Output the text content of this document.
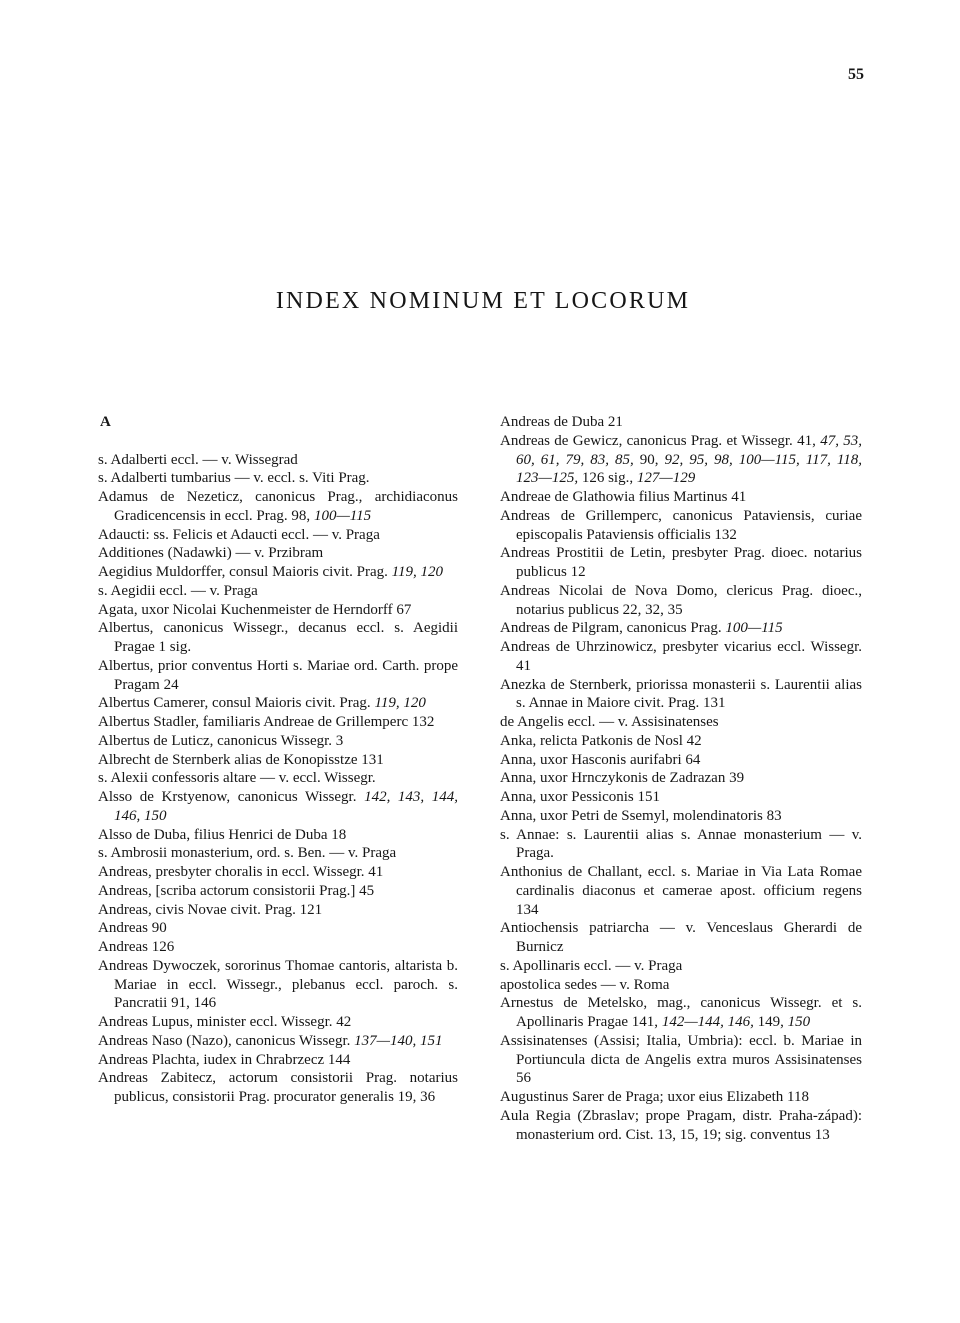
55
INDEX NOMINUM ET LOCORUM
A
s. Adalberti eccl. — v. Wissegrad
s. Adalberti tumbarius — v. eccl. s. Viti Prag.
Adamus de Nezeticz, canonicus Prag., archidiaconus Gradicencensis in eccl. Prag. 98, 100—115
Adaucti: ss. Felicis et Adaucti eccl. — v. Praga
Additiones (Nadawki) — v. Przibram
Aegidius Muldorffer, consul Maioris civit. Prag. 119, 120
s. Aegidii eccl. — v. Praga
Agata, uxor Nicolai Kuchenmeister de Herndorff 67
Albertus, canonicus Wissegr., decanus eccl. s. Aegidii Pragae 1 sig.
Albertus, prior conventus Horti s. Mariae ord. Carth. prope Pragam 24
Albertus Camerer, consul Maioris civit. Prag. 119, 120
Albertus Stadler, familiaris Andreae de Grillemperc 132
Albertus de Luticz, canonicus Wissegr. 3
Albrecht de Sternberk alias de Konopisstze 131
s. Alexii confessoris altare — v. eccl. Wissegr.
Alsso de Krstyenow, canonicus Wissegr. 142, 143, 144, 146, 150
Alsso de Duba, filius Henrici de Duba 18
s. Ambrosii monasterium, ord. s. Ben. — v. Praga
Andreas, presbyter choralis in eccl. Wissegr. 41
Andreas, [scriba actorum consistorii Prag.] 45
Andreas, civis Novae civit. Prag. 121
Andreas 90
Andreas 126
Andreas Dywoczek, sororinus Thomae cantoris, altarista b. Mariae in eccl. Wissegr., plebanus eccl. paroch. s. Pancratii 91, 146
Andreas Lupus, minister eccl. Wissegr. 42
Andreas Naso (Nazo), canonicus Wissegr. 137—140, 151
Andreas Plachta, iudex in Chrabrzecz 144
Andreas Zabitecz, actorum consistorii Prag. notarius publicus, consistorii Prag. procurator generalis 19, 36
Andreas de Duba 21
Andreas de Gewicz, canonicus Prag. et Wissegr. 41, 47, 53, 60, 61, 79, 83, 85, 90, 92, 95, 98, 100—115, 117, 118, 123—125, 126 sig., 127—129
Andreae de Glathowia filius Martinus 41
Andreas de Grillemperc, canonicus Pataviensis, curiae episcopalis Pataviensis officialis 132
Andreas Prostitii de Letin, presbyter Prag. dioec. notarius publicus 12
Andreas Nicolai de Nova Domo, clericus Prag. dioec., notarius publicus 22, 32, 35
Andreas de Pilgram, canonicus Prag. 100—115
Andreas de Uhrzinowicz, presbyter vicarius eccl. Wissegr. 41
Anezka de Sternberk, priorissa monasterii s. Laurentii alias s. Annae in Maiore civit. Prag. 131
de Angelis eccl. — v. Assisinatenses
Anka, relicta Patkonis de Nosl 42
Anna, uxor Hasconis aurifabri 64
Anna, uxor Hrnczykonis de Zadrazan 39
Anna, uxor Pessiconis 151
Anna, uxor Petri de Ssemyl, molendinatoris 83
s. Annae: s. Laurentii alias s. Annae monasterium — v. Praga.
Anthonius de Challant, eccl. s. Mariae in Via Lata Romae cardinalis diaconus et camerae apost. officium regens 134
Antiochensis patriarcha — v. Venceslaus Gherardi de Burnicz
s. Apollinaris eccl. — v. Praga
apostolica sedes — v. Roma
Arnestus de Metelsko, mag., canonicus Wissegr. et s. Apollinaris Pragae 141, 142—144, 146, 149, 150
Assisinatenses (Assisi; Italia, Umbria): eccl. b. Mariae in Portiuncula dicta de Angelis extra muros Assisinatenses 56
Augustinus Sarer de Praga; uxor eius Elizabeth 118
Aula Regia (Zbraslav; prope Pragam, distr. Praha-západ): monasterium ord. Cist. 13, 15, 19; sig. conventus 13
